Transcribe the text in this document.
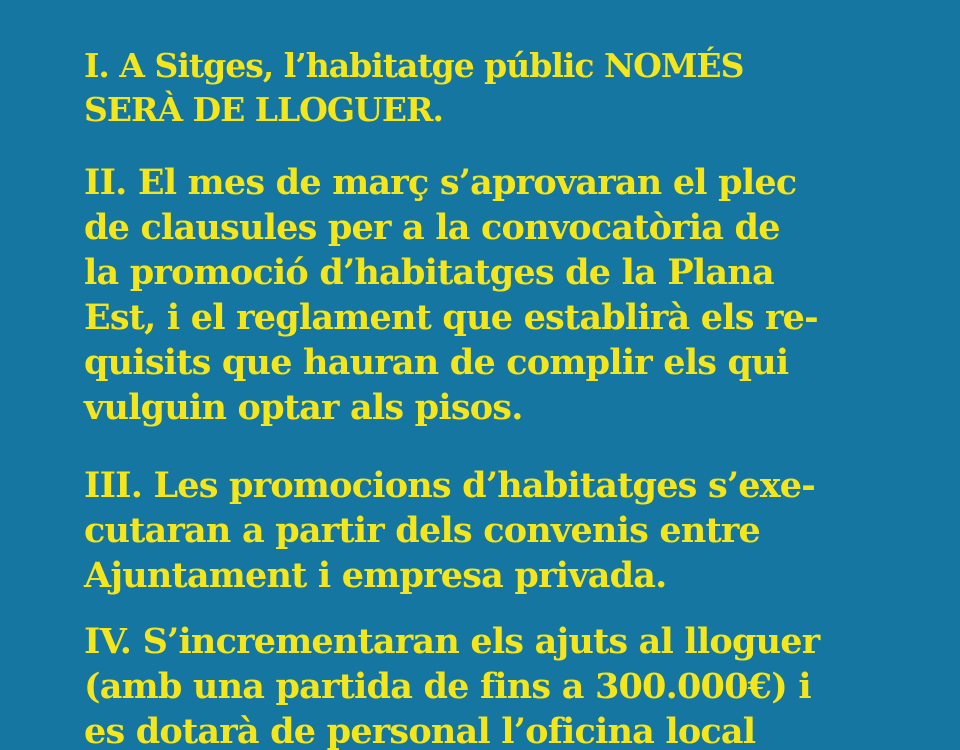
I. A Sitges, l’habitatge públic NOMÉS
SERÀ DE LLOGUER.

II. El mes de març s’aprovaran el plec
de clausules per a la convocatòria de
la promoció d’habitatges de la Plana
Est, i el reglament que establirà els re-
quisits que hauran de complir els qui
vulguin optar als pisos.

III. Les promocions d’habitatges s’exe-
cutaran a partir dels convenis entre
Ajuntament i empresa privada.

IV. S’incrementaran els ajuts al lloguer
(amb una partida de fins a 300.000€) i
es dotarà de personal l’oficina local
